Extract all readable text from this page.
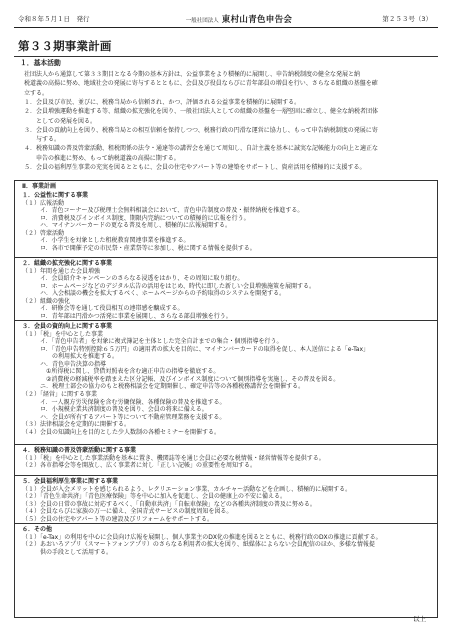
令和８年５月１日　発行	一般社団法人 東村山青色申告会	第２５３号（3）
第３３期事業計画
１．基本活動
社団法人から通算して第３３期目となる今期の基本方針は、公益事業をより積極的に展開し、申告納税制度の健全な発展と納
税道義の高揚に努め、地域社会の発展に寄与するとともに、会員及び役員ならびに青年部員の増員を行い、さらなる組織の基盤を確
立する。
１．会員及び市民、並びに、税務当局から信頼され、かつ、評価される公益事業を積極的に展開する。
２．会員増強運動を推進する等、組織の拡充強化を図り、一般社団法人としての組織の基盤を一層堅固に確立し、健全な納税者団体
　　としての発展を図る。
３．会員の貢献向上を図り、税務当局との相互信頼を保持しつつ、税務行政の円滑な運営に協力し、もって申告納税制度の発展に寄
　　与する。
４．税務知識の普及啓蒙活動、租税関係の法令・通達等の講習会を通じて周知し、自計主義を基本に誠実な記帳能力の向上と適正な
　　申告の推進に努め、もって納税道義の高揚に期する。
５．会員の福利厚生事業の充実を図るとともに、会員の住宅やアパート等の建築をサポートし、資産活用を積極的に支援する。
Ⅱ．事業計画
１．公益性に関する事業
（１）広報活動
　　　イ．青色コーナー及び税理士会無料相談会において、青色申告制度の普及・振替納税を推進する。
　　　ロ．消費税及びインボイス制度、期限内完納についての積極的に広報を行う。
　　　ハ．マイナンバーカードの更なる普及を周し、積極的に広報展開する。
（２）啓蒙活動
　　　イ．小学生を対象とした租税教育関連事業を推進する。
　　　ロ．各市で開催予定の市民祭・産業祭等に参加し、税に関する情報を提供する。
２．組織の拡充強化に関する事業
（１）年間を通じた会員増強
　　　イ．会員紹介キャンペーンのさらなる浸透をはかり、その周知に取り組む。
　　　ロ．ホームページなどのデジタル広告の活用をはじめ、時代に即した新しい会員増強施策を展開する。
　　　ハ．入会相談の機会を拡大するべく、ホームページからの予約取得のシステムを開発する。
（２）組織の強化
　　　イ．研修会等を通して役員相互の連帯感を醸成する。
　　　ロ．青年部は円滑かつ活発に事業を展開し、さらなる部員増強を行う。
３．会員の資的向上に関する事業
（１）「税」を中心とした事業
　　　イ．「青色申告者」を対象に複式簿記を主体とした完全自計までの集合・個別指導を行う。
　　　ロ．「青色申告特別控除６５万円」の適用者の拡大を目的に、マイナンバーカードの取得を促し、本人送信による「e-Tax」
　　　　　の利用拡大を推進する。
　　　ハ．青色申告決算の指導
　　　　①所得税に関し、貸借対照表を含む適正申告の指導を徹底する。
　　　　②消費税の軽減税率を踏まえた区分記帳、及びインボイス制度について個別指導を実施し、その普及を図る。
　　　ニ．税理士部会の協力のもと税務相談会を定期開催し、確定申告等の各種税務講習会を開催する。
（２）「経営」に関する事業
　　　イ．一人親方労災保険を含む労働保険、各種保険の普及を推進する。
　　　ロ．小規模企業共済制度の普及を図り、会員の将来に備える。
　　　ハ．会員が所有するアパート等について不動産管理業務を支援する。
（３）法律相談会を定期的に開催する。
（４）会員の知識向上を目的とした少人数制の各種セミナーを開催する。
４．税務知識の普及啓蒙活動に関する事業
（１）「税」を中心とした事業活動を基本に置き、機関誌等を通じ会員に必要な税情報・経営情報等を提供する。
（２）各市指導会等を開放し、広く事業者に対し「正しい記帳」の重要性を周知する。
５．会員福利厚生事業に関する事業
（１）会員が入会メリットを感じられるよう、レクリエーション事業、カルチャー活動などを企画し、積極的に展開する。
（２）「青色生命共済」「青色医療保険」等を中心に加入を促進し、会員の健康上の不安に備える。
（３）会員の日常の事故に対応するべく、「自動車共済」「自転車保険」などの各種共済制度の普及に努める。
（４）会員ならびに家族の万一に備え、全国青式サービスの制度周知を図る。
（５）会員の住宅やアパート等の建設及びリフォームをサポートする。
６．その他
（１）「e-Tax」の利用を中心に会員向け広報を展開し、個人事業主のDX化の推進を図るとともに、税務行政のDXの推進に貢献する。
（２）あおいろアプリ（スマートフォンアプリ）のさらなる利用者の拡大を図り、紙媒体によらない会員配信のほか、多様な情報提
　　　供の手段として活用する。
以上
